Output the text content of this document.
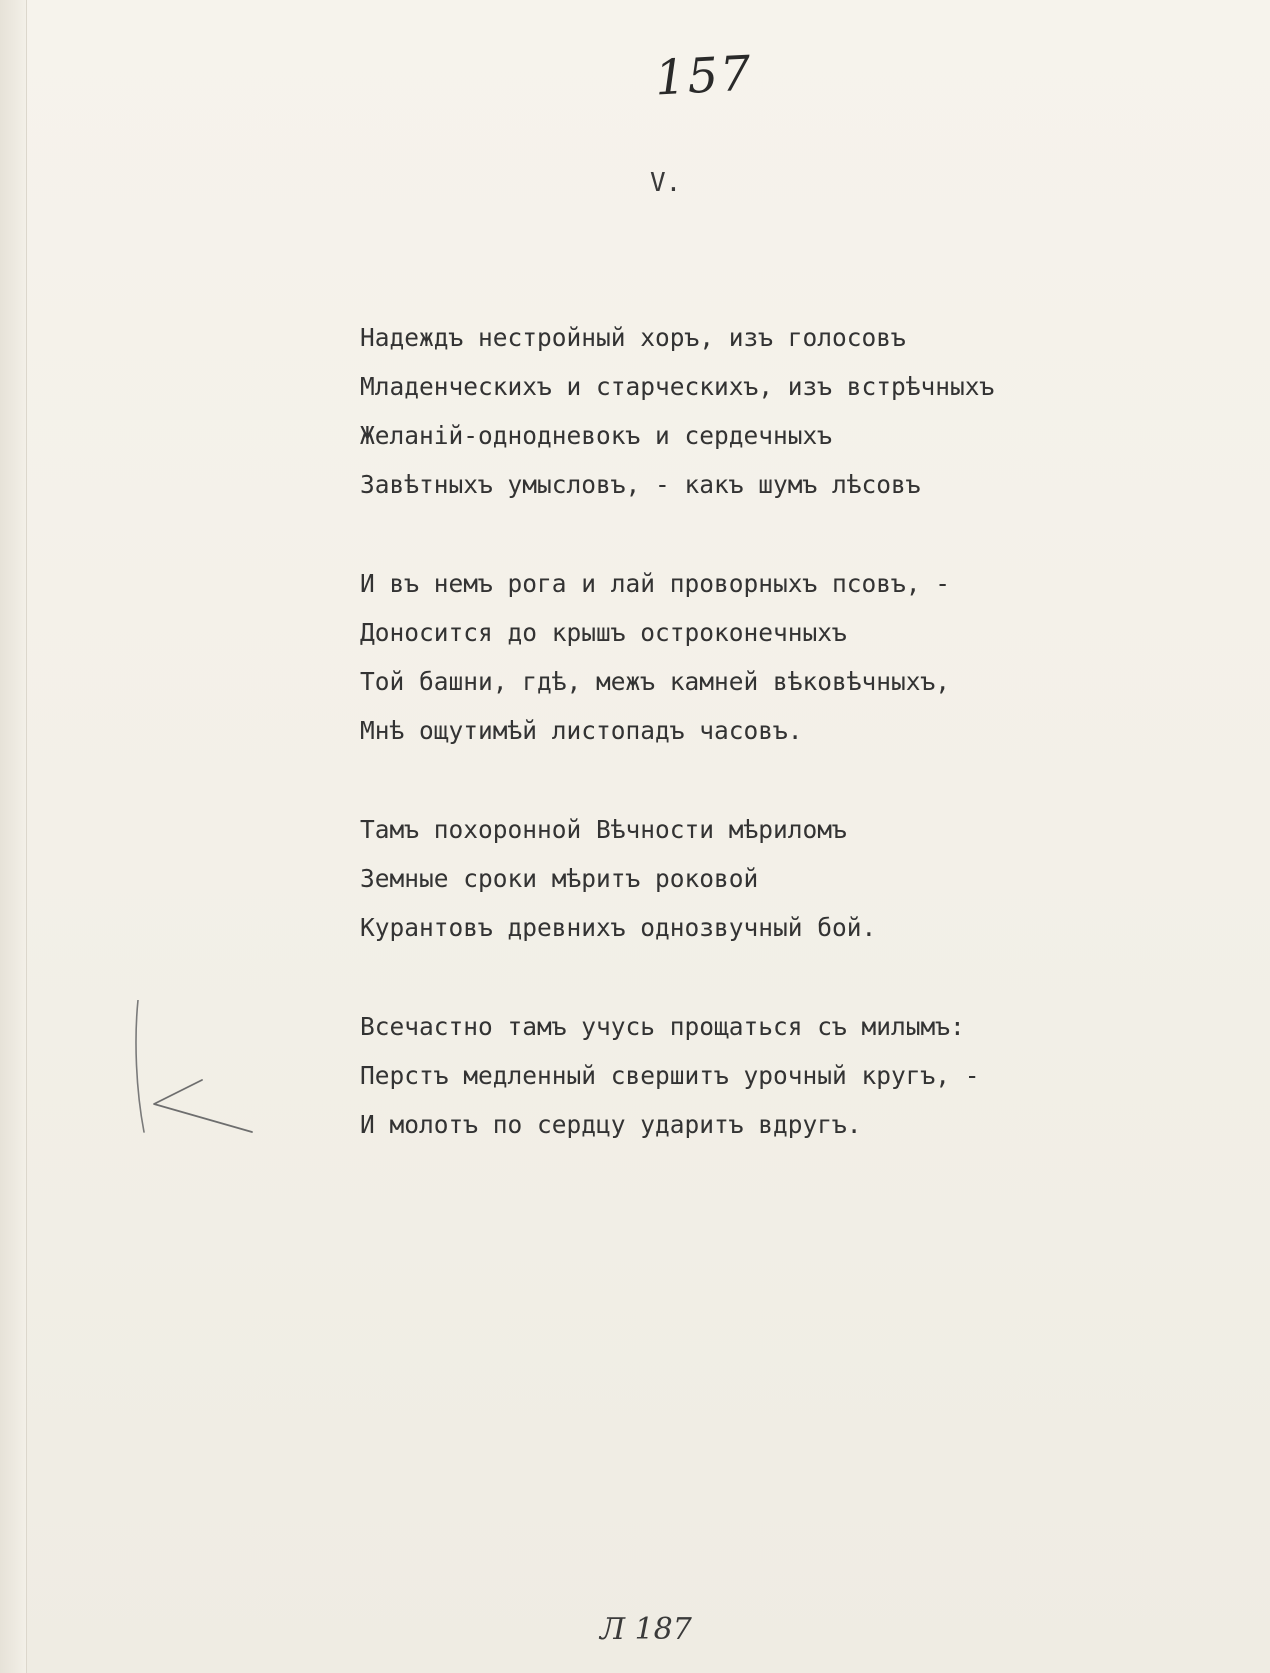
157
V.
Надеждъ нестройный хоръ, изъ голосовъ
Младенческихъ и старческихъ, изъ встрѣчныхъ
Желаній-однодневокъ и сердечныхъ
Завѣтныхъ умысловъ, - какъ шумъ лѣсовъ
И въ немъ рога и лай проворныхъ псовъ, -
Доносится до крышъ остроконечныхъ
Той башни, гдѣ, межъ камней вѣковѣчныхъ,
Мнѣ ощутимѣй листопадъ часовъ.
Тамъ похоронной Вѣчности мѣриломъ
Земные сроки мѣритъ роковой
Курантовъ древнихъ однозвучный бой.
Всечастно тамъ учусь прощаться съ милымъ:
Перстъ медленный свершитъ урочный кругъ, -
И молотъ по сердцу ударитъ вдругъ.
Л 187
